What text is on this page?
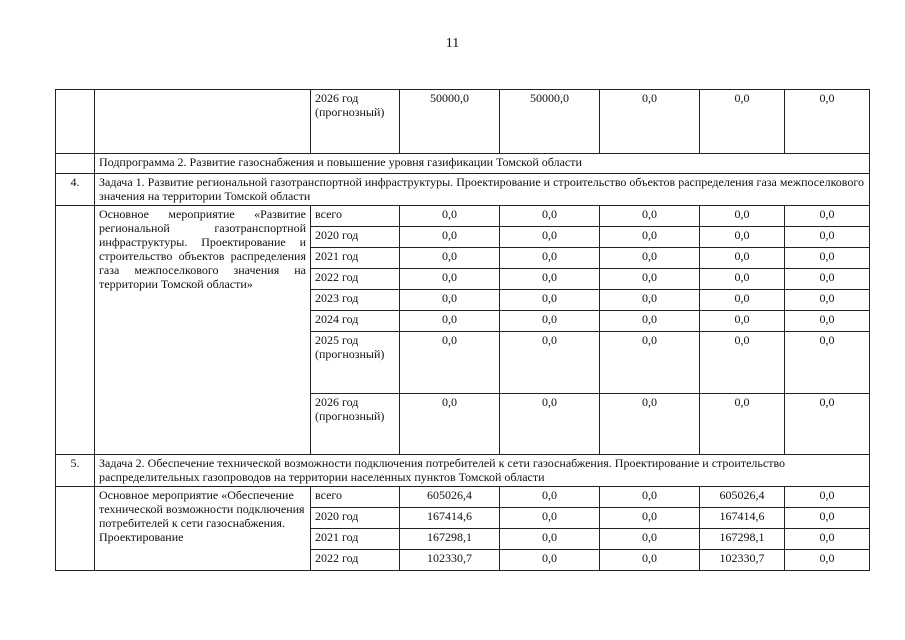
11
		2026 год (прогнозный)	50000,0	50000,0	0,0	0,0	0,0
	Подпрограмма 2. Развитие газоснабжения и повышение уровня газификации Томской области						
4.	Задача 1. Развитие региональной газотранспортной инфраструктуры. Проектирование и строительство объектов распределения газа межпоселкового значения на территории Томской области						
	Основное мероприятие «Развитие региональной газотранспортной инфраструктуры. Проектирование и строительство объектов распределения газа межпоселкового значения на территории Томской области»	всего	0,0	0,0	0,0	0,0	0,0
		2020 год	0,0	0,0	0,0	0,0	0,0
		2021 год	0,0	0,0	0,0	0,0	0,0
		2022 год	0,0	0,0	0,0	0,0	0,0
		2023 год	0,0	0,0	0,0	0,0	0,0
		2024 год	0,0	0,0	0,0	0,0	0,0
		2025 год (прогнозный)	0,0	0,0	0,0	0,0	0,0
		2026 год (прогнозный)	0,0	0,0	0,0	0,0	0,0
5.	Задача 2. Обеспечение технической возможности подключения потребителей к сети газоснабжения. Проектирование и строительство распределительных газопроводов на территории населенных пунктов Томской области						
	Основное мероприятие «Обеспечение технической возможности подключения потребителей к сети газоснабжения. Проектирование	всего	605026,4	0,0	0,0	605026,4	0,0
		2020 год	167414,6	0,0	0,0	167414,6	0,0
		2021 год	167298,1	0,0	0,0	167298,1	0,0
		2022 год	102330,7	0,0	0,0	102330,7	0,0
